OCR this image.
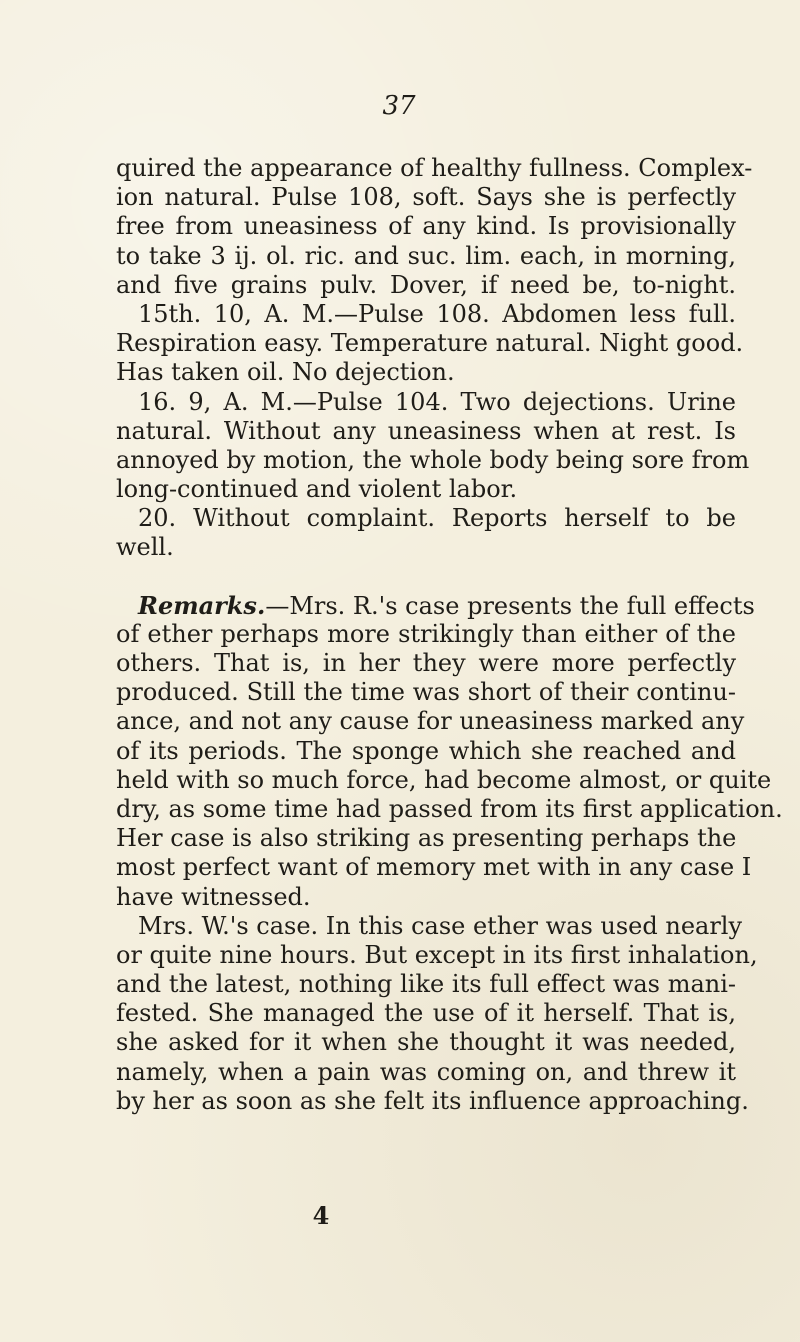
37
quired the appearance of healthy fullness. Complex-
ion natural. Pulse 108, soft. Says she is perfectly
free from uneasiness of any kind. Is provisionally
to take 3 ij. ol. ric. and suc. lim. each, in morning,
and five grains pulv. Dover, if need be, to-night.
15th. 10, A. M.—Pulse 108. Abdomen less full.
Respiration easy. Temperature natural. Night good.
Has taken oil. No dejection.
16. 9, A. M.—Pulse 104. Two dejections. Urine
natural. Without any uneasiness when at rest. Is
annoyed by motion, the whole body being sore from
long-continued and violent labor.
20. Without complaint. Reports herself to be
well.
Remarks.—Mrs. R.'s case presents the full effects
of ether perhaps more strikingly than either of the
others. That is, in her they were more perfectly
produced. Still the time was short of their continu-
ance, and not any cause for uneasiness marked any
of its periods. The sponge which she reached and
held with so much force, had become almost, or quite
dry, as some time had passed from its first application.
Her case is also striking as presenting perhaps the
most perfect want of memory met with in any case I
have witnessed.
Mrs. W.'s case. In this case ether was used nearly
or quite nine hours. But except in its first inhalation,
and the latest, nothing like its full effect was mani-
fested. She managed the use of it herself. That is,
she asked for it when she thought it was needed,
namely, when a pain was coming on, and threw it
by her as soon as she felt its influence approaching.
4
